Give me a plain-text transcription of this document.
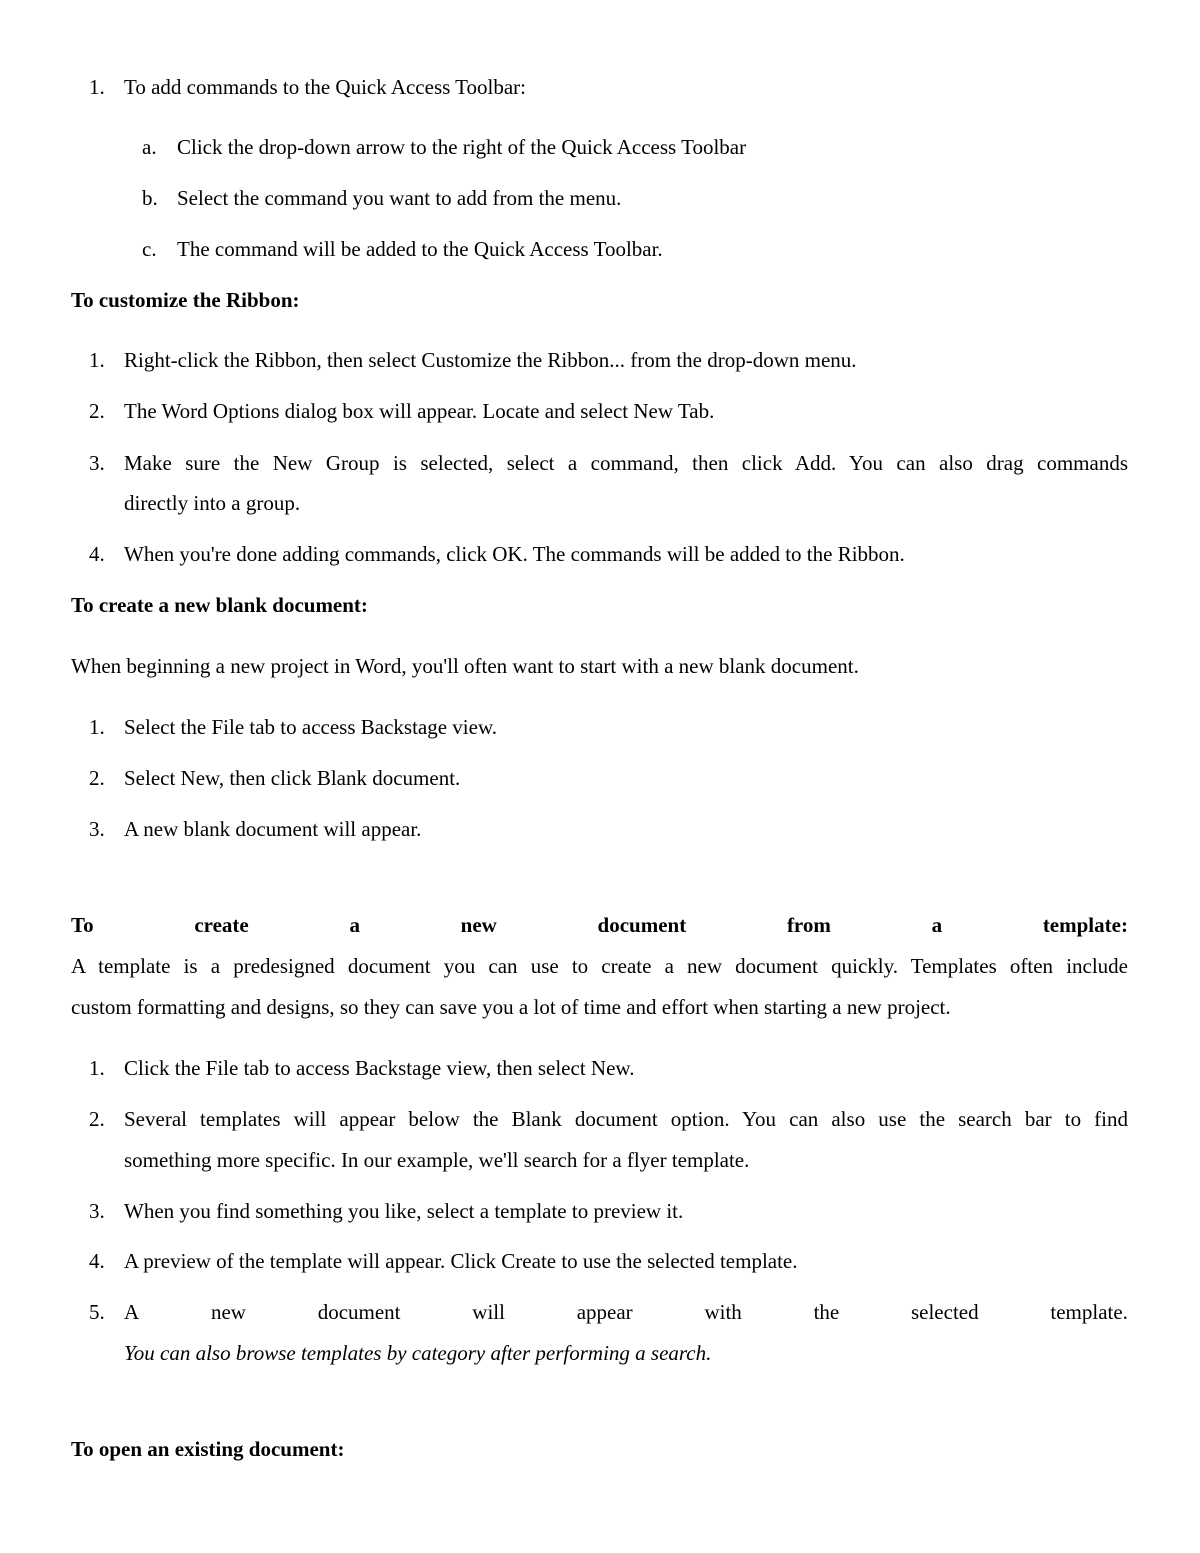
1. To add commands to the Quick Access Toolbar:
a. Click the drop-down arrow to the right of the Quick Access Toolbar
b. Select the command you want to add from the menu.
c. The command will be added to the Quick Access Toolbar.
To customize the Ribbon:
1. Right-click the Ribbon, then select Customize the Ribbon... from the drop-down menu.
2. The Word Options dialog box will appear. Locate and select New Tab.
3. Make sure the New Group is selected, select a command, then click Add. You can also drag commands
directly into a group.
4. When you're done adding commands, click OK. The commands will be added to the Ribbon.
To create a new blank document:
When beginning a new project in Word, you'll often want to start with a new blank document.
1. Select the File tab to access Backstage view.
2. Select New, then click Blank document.
3. A new blank document will appear.
To	create	a	new	document	from	a	template:
A template is a predesigned document you can use to create a new document quickly. Templates often include
custom formatting and designs, so they can save you a lot of time and effort when starting a new project.
1. Click the File tab to access Backstage view, then select New.
2. Several templates will appear below the Blank document option. You can also use the search bar to find
something more specific. In our example, we'll search for a flyer template.
3. When you find something you like, select a template to preview it.
4. A preview of the template will appear. Click Create to use the selected template.
5. A	new	document	will	appear	with	the	selected	template.
You can also browse templates by category after performing a search.
To open an existing document:
